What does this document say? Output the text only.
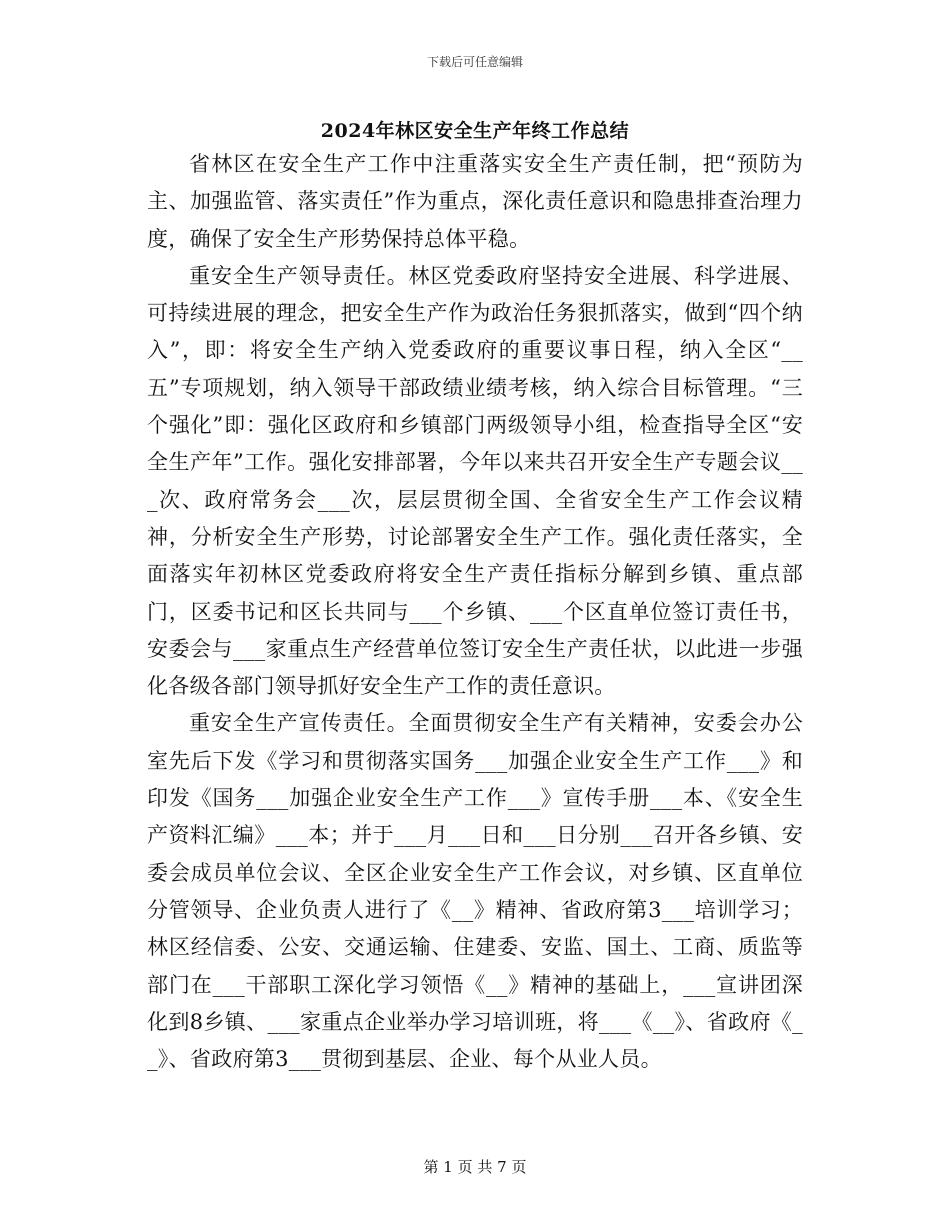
下载后可任意编辑
2024年林区安全生产年终工作总结

省林区在安全生产工作中注重落实安全生产责任制，把“预防为主、加强监管、落实责任”作为重点，深化责任意识和隐患排查治理力度，确保了安全生产形势保持总体平稳。

重安全生产领导责任。林区党委政府坚持安全进展、科学进展、可持续进展的理念，把安全生产作为政治任务狠抓落实，做到“四个纳入”，即：将安全生产纳入党委政府的重要议事日程，纳入全区“__五”专项规划，纳入领导干部政绩业绩考核，纳入综合目标管理。“三个强化”即：强化区政府和乡镇部门两级领导小组，检查指导全区“安全生产年”工作。强化安排部署，今年以来共召开安全生产专题会议___次、政府常务会___次，层层贯彻全国、全省安全生产工作会议精神，分析安全生产形势，讨论部署安全生产工作。强化责任落实，全面落实年初林区党委政府将安全生产责任指标分解到乡镇、重点部门，区委书记和区长共同与___个乡镇、___个区直单位签订责任书，安委会与___家重点生产经营单位签订安全生产责任状，以此进一步强化各级各部门领导抓好安全生产工作的责任意识。

重安全生产宣传责任。全面贯彻安全生产有关精神，安委会办公室先后下发《学习和贯彻落实国务___加强企业安全生产工作___》和印发《国务___加强企业安全生产工作___》宣传手册___本、《安全生产资料汇编》___本；并于___月___日和___日分别___召开各乡镇、安委会成员单位会议、全区企业安全生产工作会议，对乡镇、区直单位分管领导、企业负责人进行了《__》精神、省政府第3___培训学习；林区经信委、公安、交通运输、住建委、安监、国土、工商、质监等部门在___干部职工深化学习领悟《__》精神的基础上，___宣讲团深化到8乡镇、___家重点企业举办学习培训班，将___《__》、省政府《__》、省政府第3___贯彻到基层、企业、每个从业人员。

第 1 页 共 7 页
